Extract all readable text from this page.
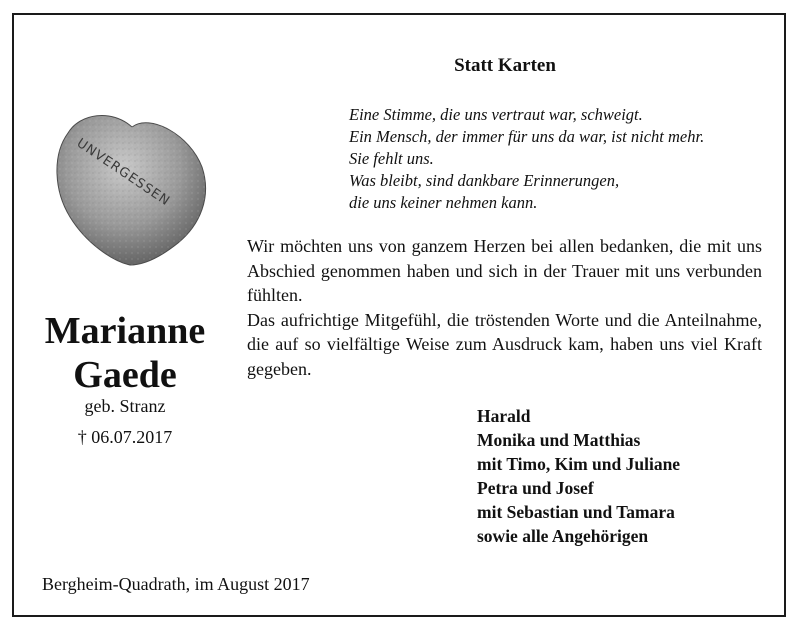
UNVERGESSEN
Marianne
Gaede
geb. Stranz
† 06.07.2017
Statt Karten
Eine Stimme, die uns vertraut war, schweigt.
Ein Mensch, der immer für uns da war, ist nicht mehr.
Sie fehlt uns.
Was bleibt, sind dankbare Erinnerungen,
die uns keiner nehmen kann.
Wir möchten uns von ganzem Herzen bei allen bedanken, die mit uns Abschied genommen haben und sich in der Trauer mit uns verbunden fühlten.
Das aufrichtige Mitgefühl, die tröstenden Worte und die Anteilnahme, die auf so vielfältige Weise zum Ausdruck kam, haben uns viel Kraft gegeben.
Harald
Monika und Matthias
mit Timo, Kim und Juliane
Petra und Josef
mit Sebastian und Tamara
sowie alle Angehörigen
Bergheim-Quadrath, im August 2017
